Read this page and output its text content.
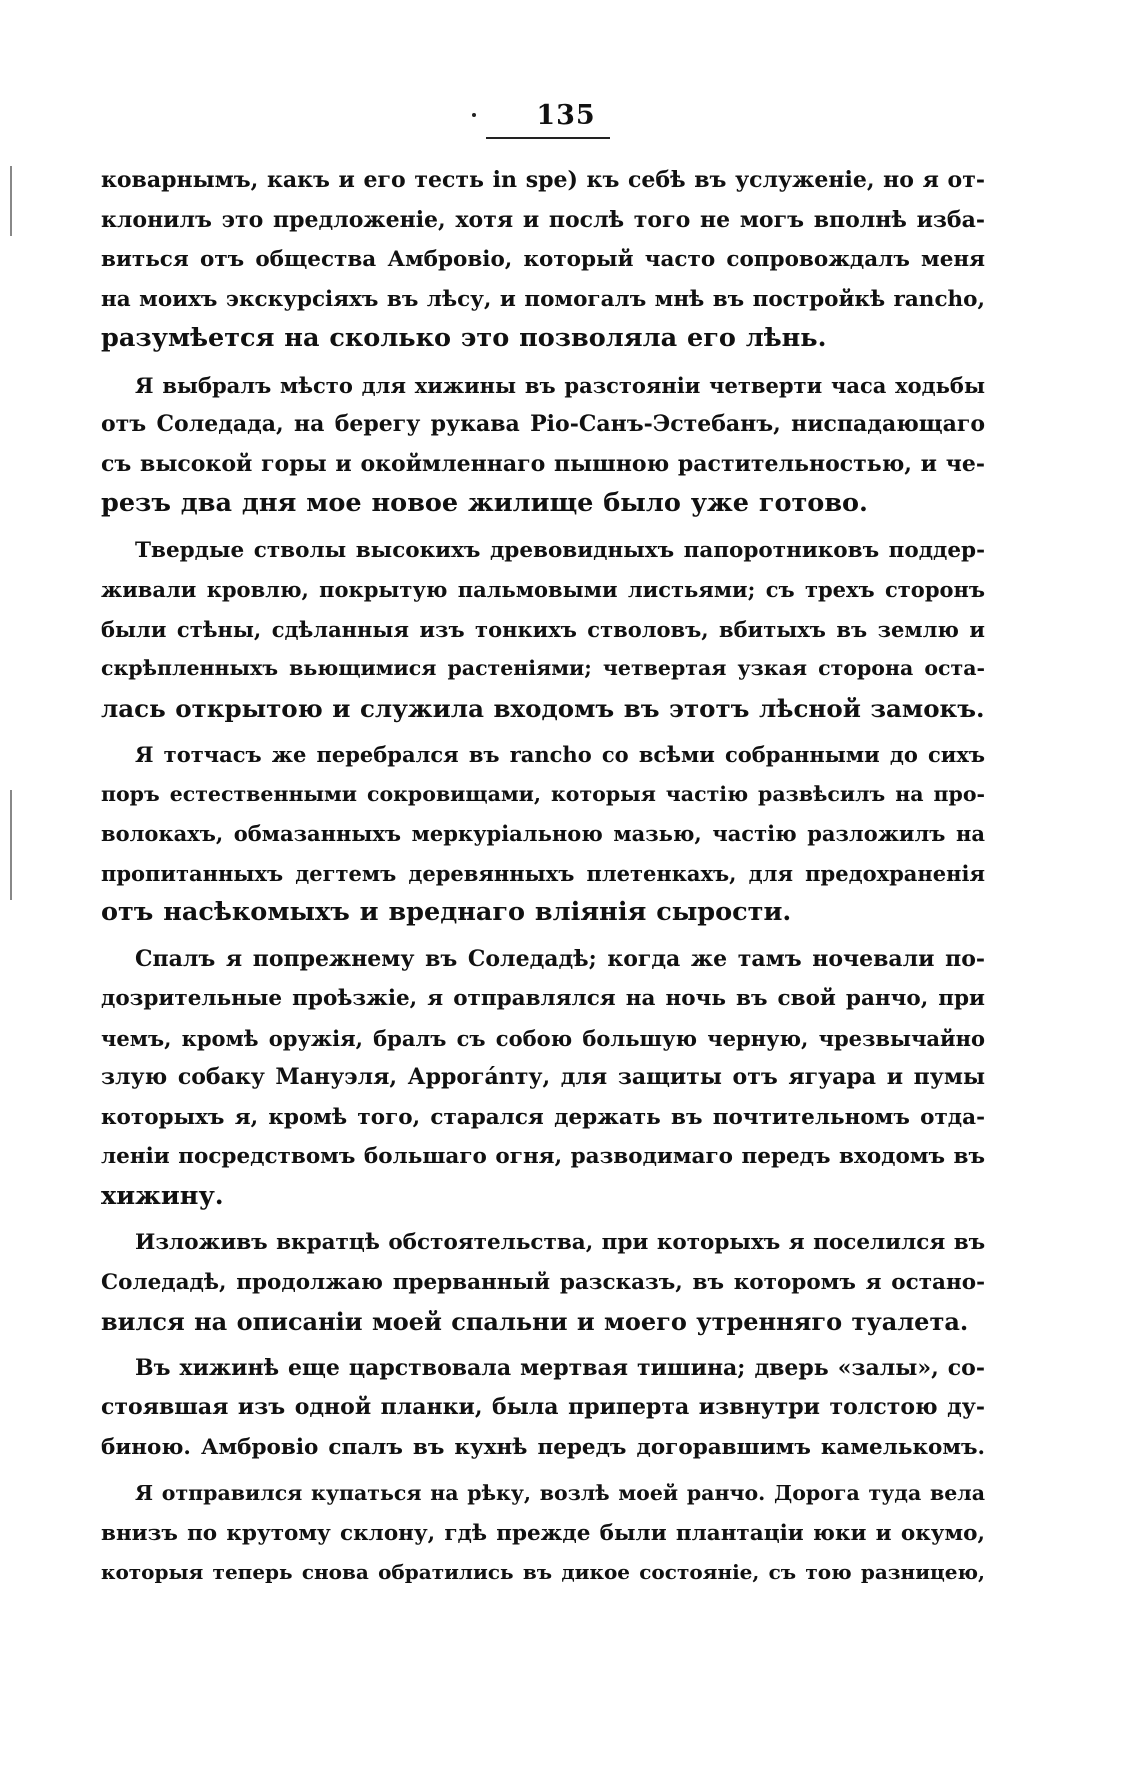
135

коварнымъ, какъ и его тесть in spe) къ себѣ въ услуженіе, но я от-
клонилъ это предложеніе, хотя и послѣ того не могъ вполнѣ изба-
виться отъ общества Амбровіо, который часто сопровождалъ меня
на моихъ экскурсіяхъ въ лѣсу, и помогалъ мнѣ въ постройкѣ rancho,
разумѣется на сколько это позволяла его лѣнь.

Я выбралъ мѣсто для хижины въ разстояніи четверти часа ходьбы
отъ Соледада, на берегу рукава Ріо-Санъ-Эстебанъ, ниспадающаго
съ высокой горы и окоймленнаго пышною растительностью, и че-
резъ два дня мое новое жилище было уже готово.

Твердые стволы высокихъ древовидныхъ папоротниковъ поддер-
живали кровлю, покрытую пальмовыми листьями; съ трехъ сторонъ
были стѣны, сдѣланныя изъ тонкихъ стволовъ, вбитыхъ въ землю и
скрѣпленныхъ вьющимися растеніями; четвертая узкая сторона оста-
лась открытою и служила входомъ въ этотъ лѣсной замокъ.

Я тотчасъ же перебрался въ rancho со всѣми собранными до сихъ
поръ естественными сокровищами, которыя частію развѣсилъ на про-
волокахъ, обмазанныхъ меркуріальною мазью, частію разложилъ на
пропитанныхъ дегтемъ деревянныхъ плетенкахъ, для предохраненія
отъ насѣкомыхъ и вреднаго вліянія сырости.

Спалъ я попрежнему въ Соледадѣ; когда же тамъ ночевали по-
дозрительные проѣзжіе, я отправлялся на ночь въ свой ранчо, при
чемъ, кромѣ оружія, бралъ съ собою большую черную, чрезвычайно
злую собаку Мануэля, Аррогánту, для защиты отъ ягуара и пумы
которыхъ я, кромѣ того, старался держать въ почтительномъ отда-
леніи посредствомъ большаго огня, разводимаго передъ входомъ въ
хижину.

Изложивъ вкратцѣ обстоятельства, при которыхъ я поселился въ
Соледадѣ, продолжаю прерванный разсказъ, въ которомъ я остано-
вился на описаніи моей спальни и моего утренняго туалета.

Въ хижинѣ еще царствовала мертвая тишина; дверь «залы», со-
стоявшая изъ одной планки, была приперта извнутри толстою ду-
биною. Амбровіо спалъ въ кухнѣ передъ догоравшимъ камелькомъ.

Я отправился купаться на рѣку, возлѣ моей ранчо. Дорога туда вела
внизъ по крутому склону, гдѣ прежде были плантаціи юки и окумо,
которыя теперь снова обратились въ дикое состояніе, съ тою разницею,
